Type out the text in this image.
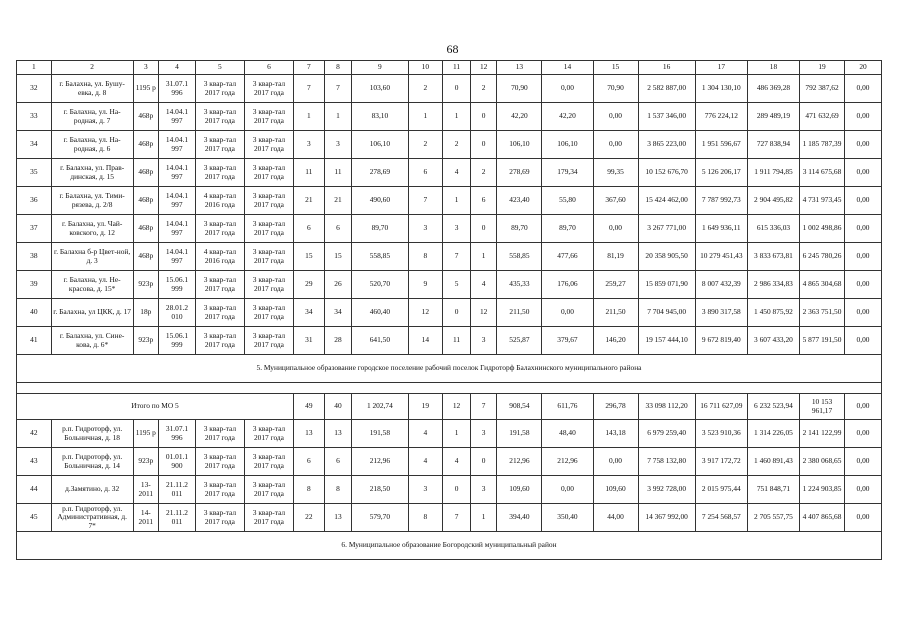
68
1	2	3	4	5	6	7	8	9	10	11	12	13	14	15	16	17	18	19	20
32	г. Балахна, ул. Бушу-евка, д. 8	1195 р	31.07.1 996	3 квар-тал 2017 года	3 квар-тал 2017 года	7	7	103,60	2	0	2	70,90	0,00	70,90	2 582 887,00	1 304 130,10	486 369,28	792 387,62	0,00
33	г. Балахна, ул. На-родная, д. 7	468р	14.04.1 997	3 квар-тал 2017 года	3 квар-тал 2017 года	1	1	83,10	1	1	0	42,20	42,20	0,00	1 537 346,00	776 224,12	289 489,19	471 632,69	0,00
34	г. Балахна, ул. На-родная, д. 6	468р	14.04.1 997	3 квар-тал 2017 года	3 квар-тал 2017 года	3	3	106,10	2	2	0	106,10	106,10	0,00	3 865 223,00	1 951 596,67	727 838,94	1 185 787,39	0,00
35	г. Балахна, ул. Прав-динская, д. 15	468р	14.04.1 997	3 квар-тал 2017 года	3 квар-тал 2017 года	11	11	278,69	6	4	2	278,69	179,34	99,35	10 152 676,70	5 126 206,17	1 911 794,85	3 114 675,68	0,00
36	г. Балахна, ул. Тими-рязева, д. 2/8	468р	14.04.1 997	4 квар-тал 2016 года	3 квар-тал 2017 года	21	21	490,60	7	1	6	423,40	55,80	367,60	15 424 462,00	7 787 992,73	2 904 495,82	4 731 973,45	0,00
37	г. Балахна, ул. Чай-ковского, д. 12	468р	14.04.1 997	3 квар-тал 2017 года	3 квар-тал 2017 года	6	6	89,70	3	3	0	89,70	89,70	0,00	3 267 771,00	1 649 936,11	615 336,03	1 002 498,86	0,00
38	г. Балахна б-р Цвет-ной, д. 3	468р	14.04.1 997	4 квар-тал 2016 года	3 квар-тал 2017 года	15	15	558,85	8	7	1	558,85	477,66	81,19	20 358 905,50	10 279 451,43	3 833 673,81	6 245 780,26	0,00
39	г. Балахна, ул. Не-красова, д. 15*	923р	15.06.1 999	3 квар-тал 2017 года	3 квар-тал 2017 года	29	26	520,70	9	5	4	435,33	176,06	259,27	15 859 071,90	8 007 432,39	2 986 334,83	4 865 304,68	0,00
40	г. Балахна, ул ЦКК, д. 17	18р	28.01.2 010	3 квар-тал 2017 года	3 квар-тал 2017 года	34	34	460,40	12	0	12	211,50	0,00	211,50	7 704 945,00	3 890 317,58	1 450 875,92	2 363 751,50	0,00
41	г. Балахна, ул. Сине-кова, д. 6*	923р	15.06.1 999	3 квар-тал 2017 года	3 квар-тал 2017 года	31	28	641,50	14	11	3	525,87	379,67	146,20	19 157 444,10	9 672 819,40	3 607 433,20	5 877 191,50	0,00
5. Муниципальное образование городское поселение рабочий поселок Гидроторф Балахнинского муниципального района																			

Итого по МО 5						49	40	1 202,74	19	12	7	908,54	611,76	296,78	33 098 112,20	16 711 627,09	6 232 523,94	10 153 961,17	0,00
42	р.п. Гидроторф, ул. Больничная, д. 18	1195 р	31.07.1 996	3 квар-тал 2017 года	3 квар-тал 2017 года	13	13	191,58	4	1	3	191,58	48,40	143,18	6 979 259,40	3 523 910,36	1 314 226,05	2 141 122,99	0,00
43	р.п. Гидроторф, ул. Больничная, д. 14	923р	01.01.1 900	3 квар-тал 2017 года	3 квар-тал 2017 года	6	6	212,96	4	4	0	212,96	212,96	0,00	7 758 132,80	3 917 172,72	1 460 891,43	2 380 068,65	0,00
44	д.Замятино, д. 32	13-2011	21.11.2 011	3 квар-тал 2017 года	3 квар-тал 2017 года	8	8	218,50	3	0	3	109,60	0,00	109,60	3 992 728,00	2 015 975,44	751 848,71	1 224 903,85	0,00
45	р.п. Гидроторф, ул. Административная, д. 7*	14-2011	21.11.2 011	3 квар-тал 2017 года	3 квар-тал 2017 года	22	13	579,70	8	7	1	394,40	350,40	44,00	14 367 992,00	7 254 568,57	2 705 557,75	4 407 865,68	0,00
6. Муниципальное образование Богородский муниципальный район																			
